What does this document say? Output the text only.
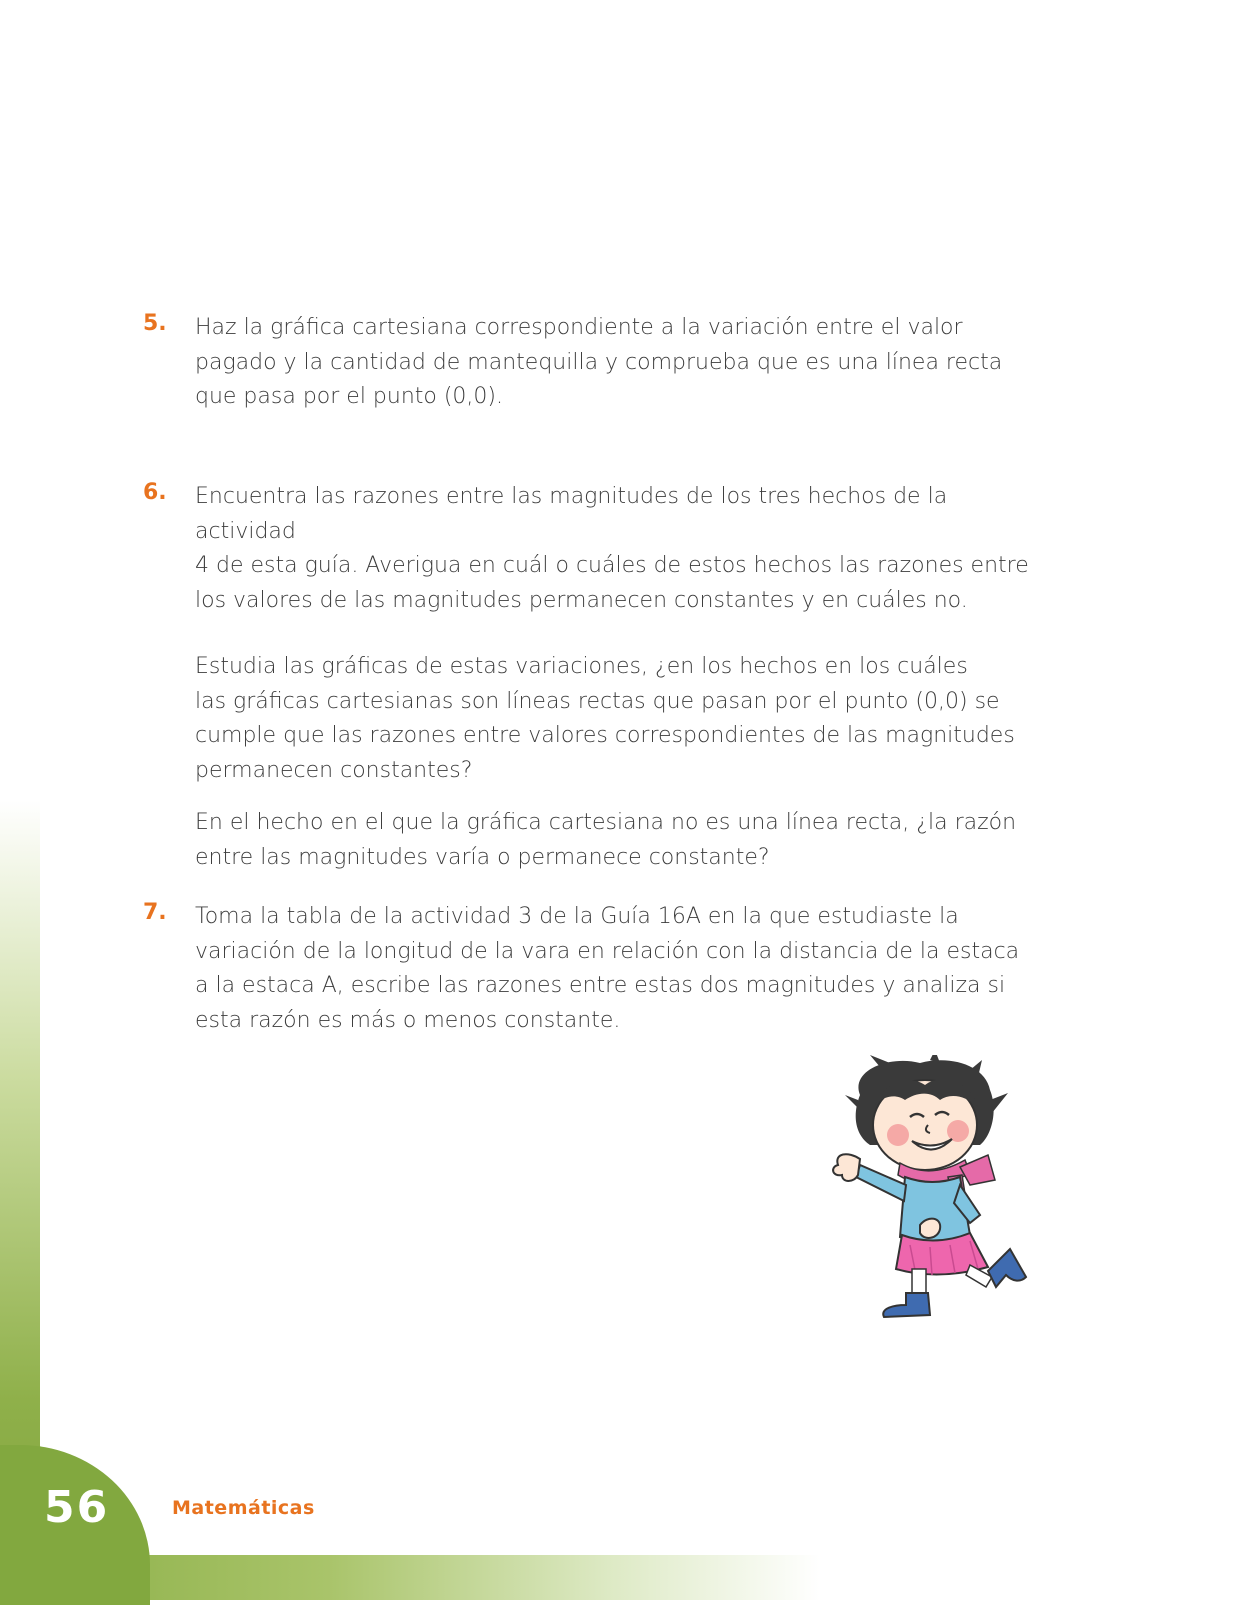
5. Haz la gráfica cartesiana correspondiente a la variación entre el valor
pagado y la cantidad de mantequilla y comprueba que es una línea recta
que pasa por el punto (0,0).

6. Encuentra las razones entre las magnitudes de los tres hechos de la actividad
4 de esta guía. Averigua en cuál o cuáles de estos hechos las razones entre
los valores de las magnitudes permanecen constantes y en cuáles no.

Estudia las gráficas de estas variaciones, ¿en los hechos en los cuáles
las gráficas cartesianas son líneas rectas que pasan por el punto (0,0) se
cumple que las razones entre valores correspondientes de las magnitudes
permanecen constantes?

En el hecho en el que la gráfica cartesiana no es una línea recta, ¿la razón
entre las magnitudes varía o permanece constante?

7. Toma la tabla de la actividad 3 de la Guía 16A en la que estudiaste la
variación de la longitud de la vara en relación con la distancia de la estaca
a la estaca A, escribe las razones entre estas dos magnitudes y analiza si
esta razón es más o menos constante.

56	Matemáticas
